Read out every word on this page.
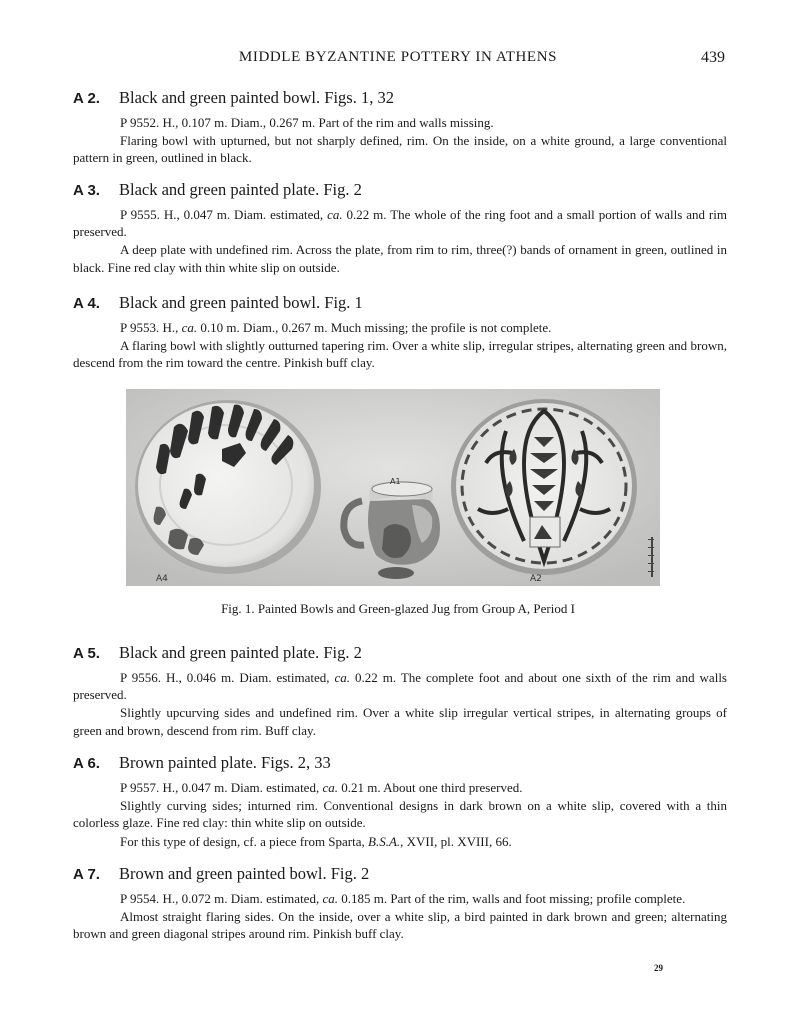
MIDDLE BYZANTINE POTTERY IN ATHENS	439
A 2.	Black and green painted bowl. Figs. 1, 32

P 9552. H., 0.107 m. Diam., 0.267 m. Part of the rim and walls missing.

Flaring bowl with upturned, but not sharply defined, rim. On the inside, on a white ground, a large conventional pattern in green, outlined in black.

A 3.	Black and green painted plate. Fig. 2

P 9555. H., 0.047 m. Diam. estimated, ca. 0.22 m. The whole of the ring foot and a small portion of walls and rim preserved.

A deep plate with undefined rim. Across the plate, from rim to rim, three(?) bands of ornament in green, outlined in black. Fine red clay with thin white slip on outside.

A 4.	Black and green painted bowl. Fig. 1

P 9553. H., ca. 0.10 m. Diam., 0.267 m. Much missing; the profile is not complete.

A flaring bowl with slightly outturned tapering rim. Over a white slip, irregular stripes, alternating green and brown, descend from the rim toward the centre. Pinkish buff clay.

A4
A1
A2
Fig. 1. Painted Bowls and Green-glazed Jug from Group A, Period I
A 5.	Black and green painted plate. Fig. 2

P 9556. H., 0.046 m. Diam. estimated, ca. 0.22 m. The complete foot and about one sixth of the rim and walls preserved.

Slightly upcurving sides and undefined rim. Over a white slip irregular vertical stripes, in alternating groups of green and brown, descend from rim. Buff clay.

A 6.	Brown painted plate. Figs. 2, 33

P 9557. H., 0.047 m. Diam. estimated, ca. 0.21 m. About one third preserved.

Slightly curving sides; inturned rim. Conventional designs in dark brown on a white slip, covered with a thin colorless glaze. Fine red clay: thin white slip on outside.

For this type of design, cf. a piece from Sparta, B.S.A., XVII, pl. XVIII, 66.

A 7.	Brown and green painted bowl. Fig. 2

P 9554. H., 0.072 m. Diam. estimated, ca. 0.185 m. Part of the rim, walls and foot missing; profile complete.

Almost straight flaring sides. On the inside, over a white slip, a bird painted in dark brown and green; alternating brown and green diagonal stripes around rim. Pinkish buff clay.

29
